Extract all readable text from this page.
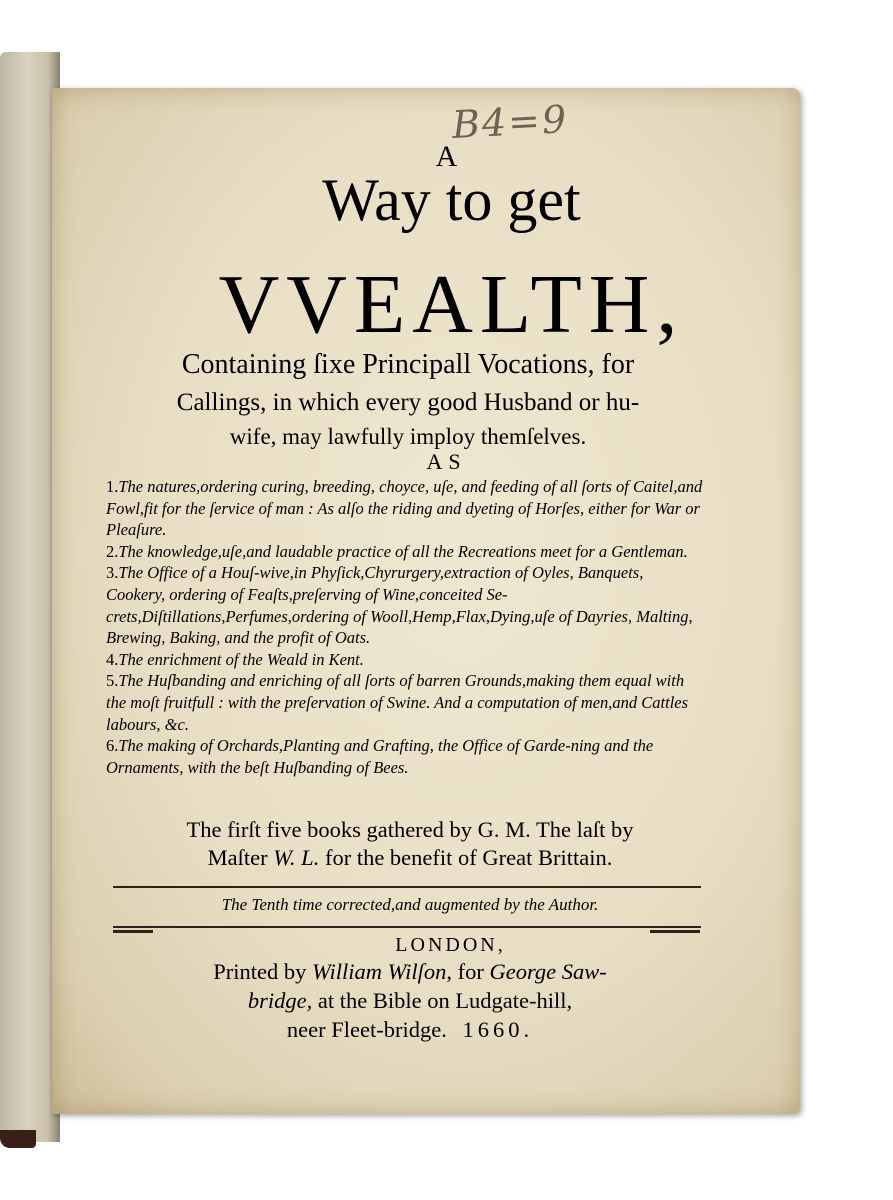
B4=9
A
Way to get
VVEALTH,
Containing ſixe Principall Vocations, for
Callings, in which every good Husband or hu-
wife, may lawfully imploy themſelves.
AS

1.The natures,ordering curing, breeding, choyce, uſe, and feeding of all ſorts of Caitel,and Fowl,fit for the ſervice of man : As alſo the riding and dyeting of Horſes, either for War or Pleaſure.

2.The knowledge,uſe,and laudable practice of all the Recreations meet for a Gentleman.

3.The Office of a Houſ-wive,in Phyſick,Chyrurgery,extraction of Oyles, Banquets, Cookery, ordering of Feaſts,preſerving of Wine,conceited Se-crets,Diſtillations,Perfumes,ordering of Wooll,Hemp,Flax,Dying,uſe of Dayries, Malting, Brewing, Baking, and the profit of Oats.

4.The enrichment of the Weald in Kent.

5.The Huſbanding and enriching of all ſorts of barren Grounds,making them equal with the moſt fruitfull : with the preſervation of Swine. And a computation of men,and Cattles labours, &c.

6.The making of Orchards,Planting and Grafting, the Office of Garde-ning and the Ornaments, with the beſt Huſbanding of Bees.

The firſt five books gathered by G. M. The laſt by
Maſter W. L. for the benefit of Great Brittain.
The Tenth time corrected,and augmented by the Author.
LONDON,
Printed by William Wilſon, for George Saw-
bridge, at the Bible on Ludgate-hill,
neer Fleet-bridge. 1660.
